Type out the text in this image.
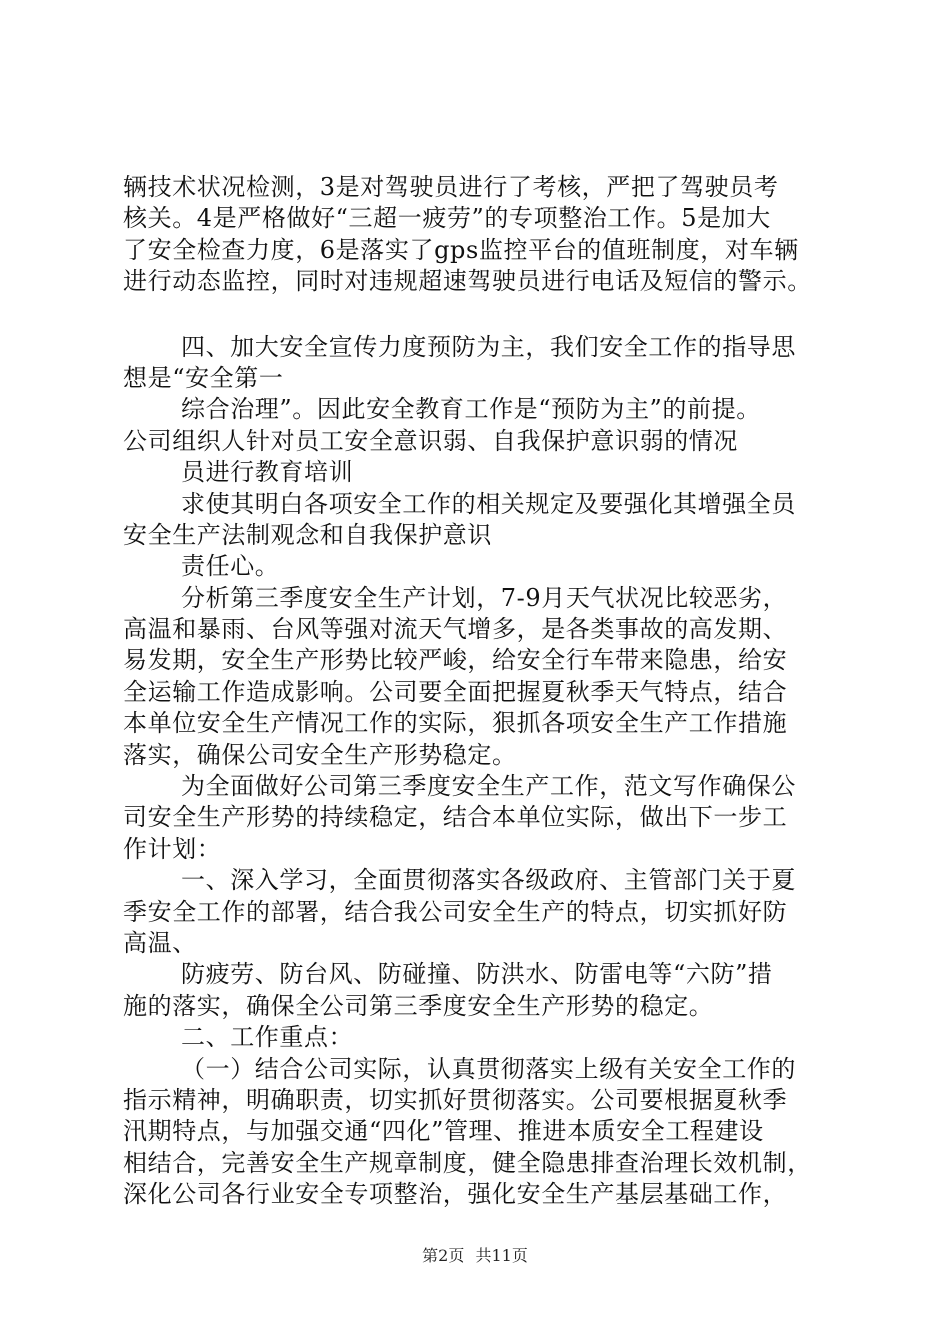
辆技术状况检测，3是对驾驶员进行了考核，严把了驾驶员考
核关。4是严格做好“三超一疲劳”的专项整治工作。5是加大
了安全检查力度，6是落实了gps监控平台的值班制度，对车辆
进行动态监控，同时对违规超速驾驶员进行电话及短信的警示。
四、加大安全宣传力度预防为主，我们安全工作的指导思
想是“安全第一
综合治理”。因此安全教育工作是“预防为主”的前提。
公司组织人针对员工安全意识弱、自我保护意识弱的情况
员进行教育培训
求使其明白各项安全工作的相关规定及要强化其增强全员
安全生产法制观念和自我保护意识
责任心。
分析第三季度安全生产计划，7-9月天气状况比较恶劣，
高温和暴雨、台风等强对流天气增多，是各类事故的高发期、
易发期，安全生产形势比较严峻，给安全行车带来隐患，给安
全运输工作造成影响。公司要全面把握夏秋季天气特点，结合
本单位安全生产情况工作的实际，狠抓各项安全生产工作措施
落实，确保公司安全生产形势稳定。
为全面做好公司第三季度安全生产工作，范文写作确保公
司安全生产形势的持续稳定，结合本单位实际，做出下一步工
作计划：
一、深入学习，全面贯彻落实各级政府、主管部门关于夏
季安全工作的部署，结合我公司安全生产的特点，切实抓好防
高温、
防疲劳、防台风、防碰撞、防洪水、防雷电等“六防”措
施的落实，确保全公司第三季度安全生产形势的稳定。
二、工作重点：
（一）结合公司实际，认真贯彻落实上级有关安全工作的
指示精神，明确职责，切实抓好贯彻落实。公司要根据夏秋季
汛期特点，与加强交通“四化”管理、推进本质安全工程建设
相结合，完善安全生产规章制度，健全隐患排查治理长效机制，
深化公司各行业安全专项整治，强化安全生产基层基础工作，
第2页 共11页
